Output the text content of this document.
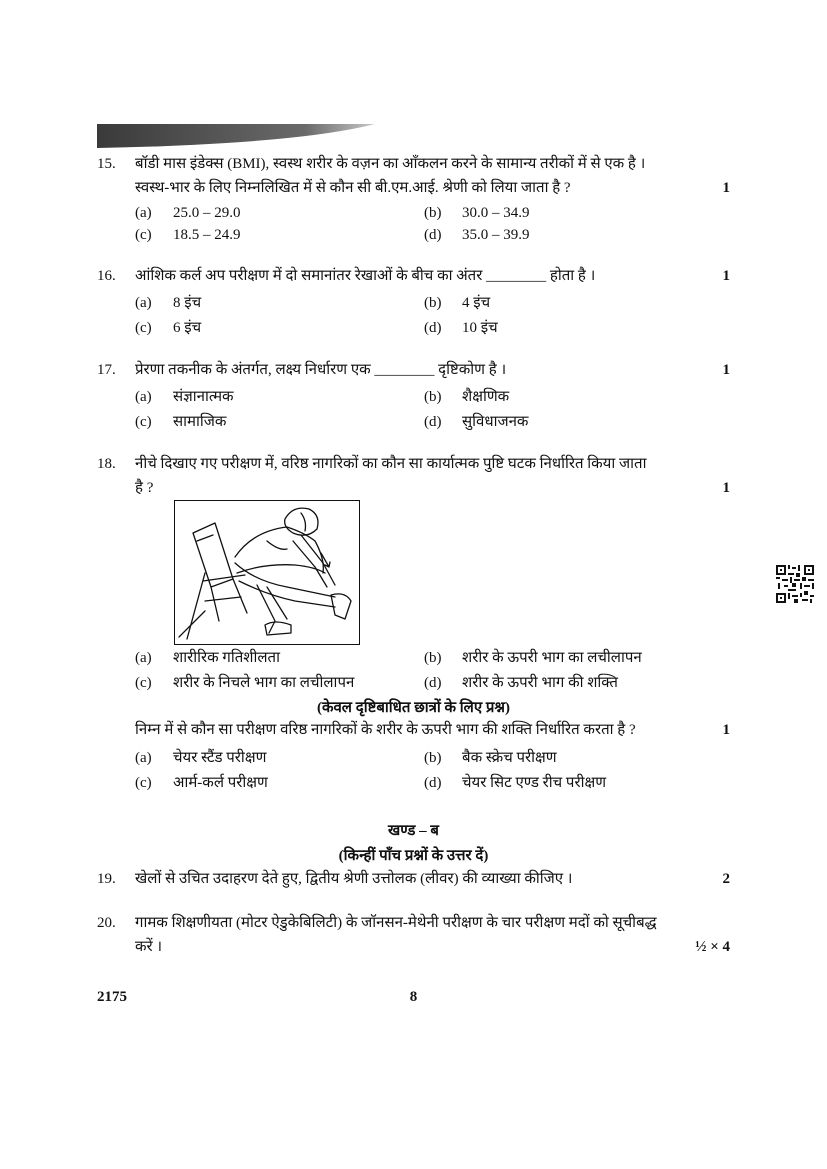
15.	बॉडी मास इंडेक्स (BMI), स्वस्थ शरीर के वज़न का आँकलन करने के सामान्य तरीकों में से एक है ।
स्वस्थ-भार के लिए निम्नलिखित में से कौन सी बी.एम.आई. श्रेणी को लिया जाता है ?	1
(a) 25.0 – 29.0	(b) 30.0 – 34.9
(c) 18.5 – 24.9	(d) 35.0 – 39.9
16.	आंशिक कर्ल अप परीक्षण में दो समानांतर रेखाओं के बीच का अंतर ________ होता है ।	1
(a) 8 इंच	(b) 4 इंच
(c) 6 इंच	(d) 10 इंच
17.	प्रेरणा तकनीक के अंतर्गत, लक्ष्य निर्धारण एक ________ दृष्टिकोण है ।	1
(a) संज्ञानात्मक	(b) शैक्षणिक
(c) सामाजिक	(d) सुविधाजनक
18.	नीचे दिखाए गए परीक्षण में, वरिष्ठ नागरिकों का कौन सा कार्यात्मक पुष्टि घटक निर्धारित किया जाता
है ?	1
(a) शारीरिक गतिशीलता	(b) शरीर के ऊपरी भाग का लचीलापन
(c) शरीर के निचले भाग का लचीलापन	(d) शरीर के ऊपरी भाग की शक्ति
(केवल दृष्टिबाधित छात्रों के लिए प्रश्न)
निम्न में से कौन सा परीक्षण वरिष्ठ नागरिकों के शरीर के ऊपरी भाग की शक्ति निर्धारित करता है ?	1
(a) चेयर स्टैंड परीक्षण	(b) बैक स्क्रेच परीक्षण
(c) आर्म-कर्ल परीक्षण	(d) चेयर सिट एण्ड रीच परीक्षण
खण्ड – ब
(किन्हीं पाँच प्रश्नों के उत्तर दें)
19.	खेलों से उचित उदाहरण देते हुए, द्वितीय श्रेणी उत्तोलक (लीवर) की व्याख्या कीजिए ।	2
20.	गामक शिक्षणीयता (मोटर ऐडुकेबिलिटी) के जॉनसन-मेथेनी परीक्षण के चार परीक्षण मदों को सूचीबद्ध
करें ।	½ × 4
2175	8
